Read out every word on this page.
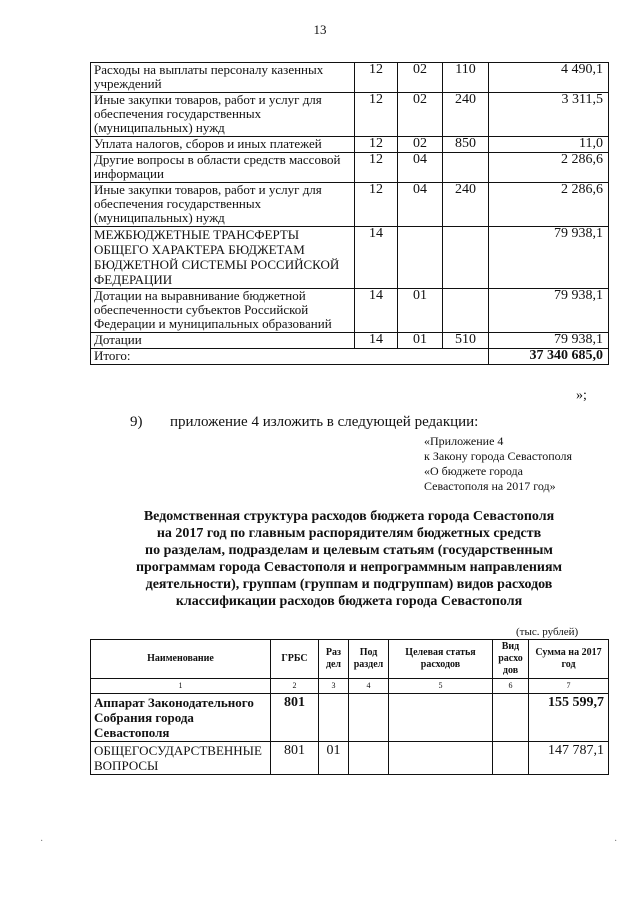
13
Расходы на выплаты персоналу казенных учреждений	12	02	110	4 490,1
Иные закупки товаров, работ и услуг для обеспечения государственных (муниципальных) нужд	12	02	240	3 311,5
Уплата налогов, сборов и иных платежей	12	02	850	11,0
Другие вопросы в области средств массовой информации	12	04		2 286,6
Иные закупки товаров, работ и услуг для обеспечения государственных (муниципальных) нужд	12	04	240	2 286,6
МЕЖБЮДЖЕТНЫЕ ТРАНСФЕРТЫ ОБЩЕГО ХАРАКТЕРА БЮДЖЕТАМ БЮДЖЕТНОЙ СИСТЕМЫ РОССИЙСКОЙ ФЕДЕРАЦИИ	14			79 938,1
Дотации на выравнивание бюджетной обеспеченности субъектов Российской Федерации и муниципальных образований	14	01		79 938,1
Дотации	14	01	510	79 938,1
Итого:				37 340 685,0
»;
9) приложение 4 изложить в следующей редакции:
«Приложение 4
к Закону города Севастополя
«О бюджете города
Севастополя на 2017 год»
Ведомственная структура расходов бюджета города Севастополя
на 2017 год по главным распорядителям бюджетных средств
по разделам, подразделам и целевым статьям (государственным
программам города Севастополя и непрограммным направлениям
деятельности), группам (группам и подгруппам) видов расходов
классификации расходов бюджета города Севастополя
(тыс. рублей)
Наименование	ГРБС	Раз дел	Под раздел	Целевая статья расходов	Вид расхо дов	Сумма на 2017 год
1	2	3	4	5	6	7
Аппарат Законодательного Собрания города Севастополя	801					155 599,7
ОБЩЕГОСУДАРСТВЕННЫЕ ВОПРОСЫ	801	01				147 787,1
·	·
